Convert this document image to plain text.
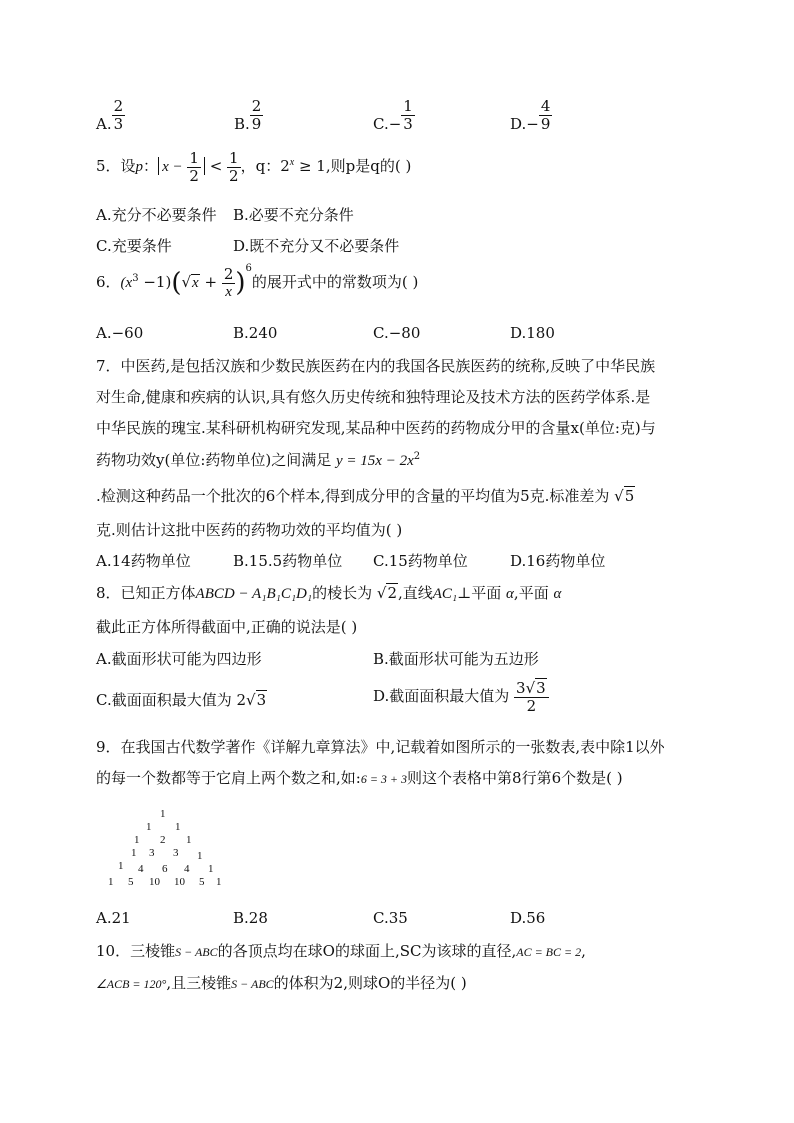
A. $\frac{2}{3}$	B. $\frac{2}{9}$	$C.- \frac{1}{3}$	$D.- \frac{4}{9}$
5．设p： $x - \frac{1}{2} < \frac{1}{2}$ ，q：$2^x \ge 1$,则p是q的( )
A.充分不必要条件 B.必要不充分条件
C.充要条件	D.既不充分又不必要条件
6．$(x^3 -1)(√x + \frac{2}{x} )^6$的展开式中的常数项为( )
A.−60	B.240	C.−80	D.180
7．中医药,是包括汉族和少数民族医药在内的我国各民族医药的统称,反映了中华民族
对生命,健康和疾病的认识,具有悠久历史传统和独特理论及技术方法的医药学体系.是
中华民族的瑰宝.某科研机构研究发现,某品种中医药的药物成分甲的含量x(单位:克)与
药物功效y(单位:药物单位)之间满足 $y = 15x - 2x^2$
.检测这种药品一个批次的6个样本,得到成分甲的含量的平均值为5克.标准差为 √5
克.则估计这批中医药的药物功效的平均值为( )
A.14药物单位	B.15.5药物单位 C.15药物单位	D.16药物单位
8．已知正方体ABCD − A₁B₁C₁D₁的棱长为 √2,直线AC₁⊥平面 α,平面 α
截此正方体所得截面中,正确的说法是( )
A.截面形状可能为四边形	B.截面形状可能为五边形
C.截面面积最大值为 2√3	D.截面面积最大值为 $\frac{3√3}{2}$
9．在我国古代数学著作《详解九章算法》中,记载着如图所示的一张数表,表中除1以外
的每一个数都等于它肩上两个数之和,如:6 = 3 + 3则这个表格中第8行第6个数是( )
1
1 1
1 2 1
1 3 3 1
1 4 6 4 1
1 5 10 10 5 1
A.21	B.28	C.35	D.56
10．三棱锥S − ABC的各顶点均在球O的球面上,SC为该球的直径,AC = BC = 2,
∠ACB = 120°,且三棱锥S − ABC的体积为2,则球O的半径为( )
